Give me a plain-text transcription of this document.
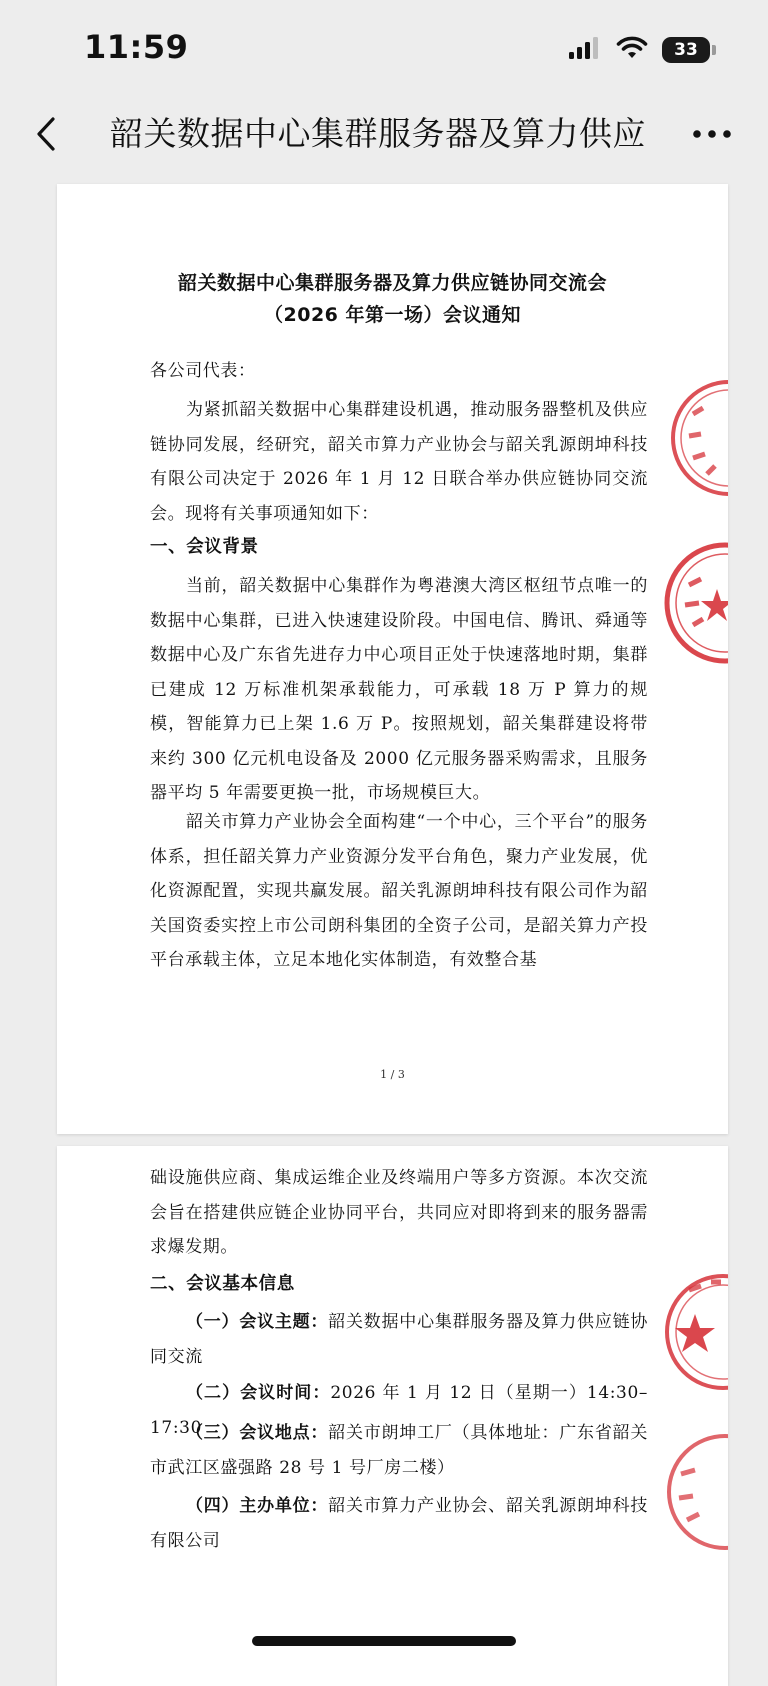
11:59	33
韶关数据中心集群服务器及算力供应
韶关数据中心集群服务器及算力供应链协同交流会
（2026 年第一场）会议通知

各公司代表：

为紧抓韶关数据中心集群建设机遇，推动服务器整机及供应链协同发展，经研究，韶关市算力产业协会与韶关乳源朗坤科技有限公司决定于 2026 年 1 月 12 日联合举办供应链协同交流会。现将有关事项通知如下：

一、会议背景

当前，韶关数据中心集群作为粤港澳大湾区枢纽节点唯一的数据中心集群，已进入快速建设阶段。中国电信、腾讯、舜通等数据中心及广东省先进存力中心项目正处于快速落地时期，集群已建成 12 万标准机架承载能力，可承载 18 万 P 算力的规模，智能算力已上架 1.6 万 P。按照规划，韶关集群建设将带来约 300 亿元机电设备及 2000 亿元服务器采购需求，且服务器平均 5 年需要更换一批，市场规模巨大。

韶关市算力产业协会全面构建“一个中心，三个平台”的服务体系，担任韶关算力产业资源分发平台角色，聚力产业发展，优化资源配置，实现共赢发展。韶关乳源朗坤科技有限公司作为韶关国资委实控上市公司朗科集团的全资子公司，是韶关算力产投平台承载主体，立足本地化实体制造，有效整合基

1 / 3

础设施供应商、集成运维企业及终端用户等多方资源。本次交流会旨在搭建供应链企业协同平台，共同应对即将到来的服务器需求爆发期。

二、会议基本信息

（一）会议主题：韶关数据中心集群服务器及算力供应链协同交流

（二）会议时间：2026 年 1 月 12 日（星期一）14:30–17:30

（三）会议地点：韶关市朗坤工厂（具体地址：广东省韶关市武江区盛强路 28 号 1 号厂房二楼）

（四）主办单位：韶关市算力产业协会、韶关乳源朗坤科技有限公司
